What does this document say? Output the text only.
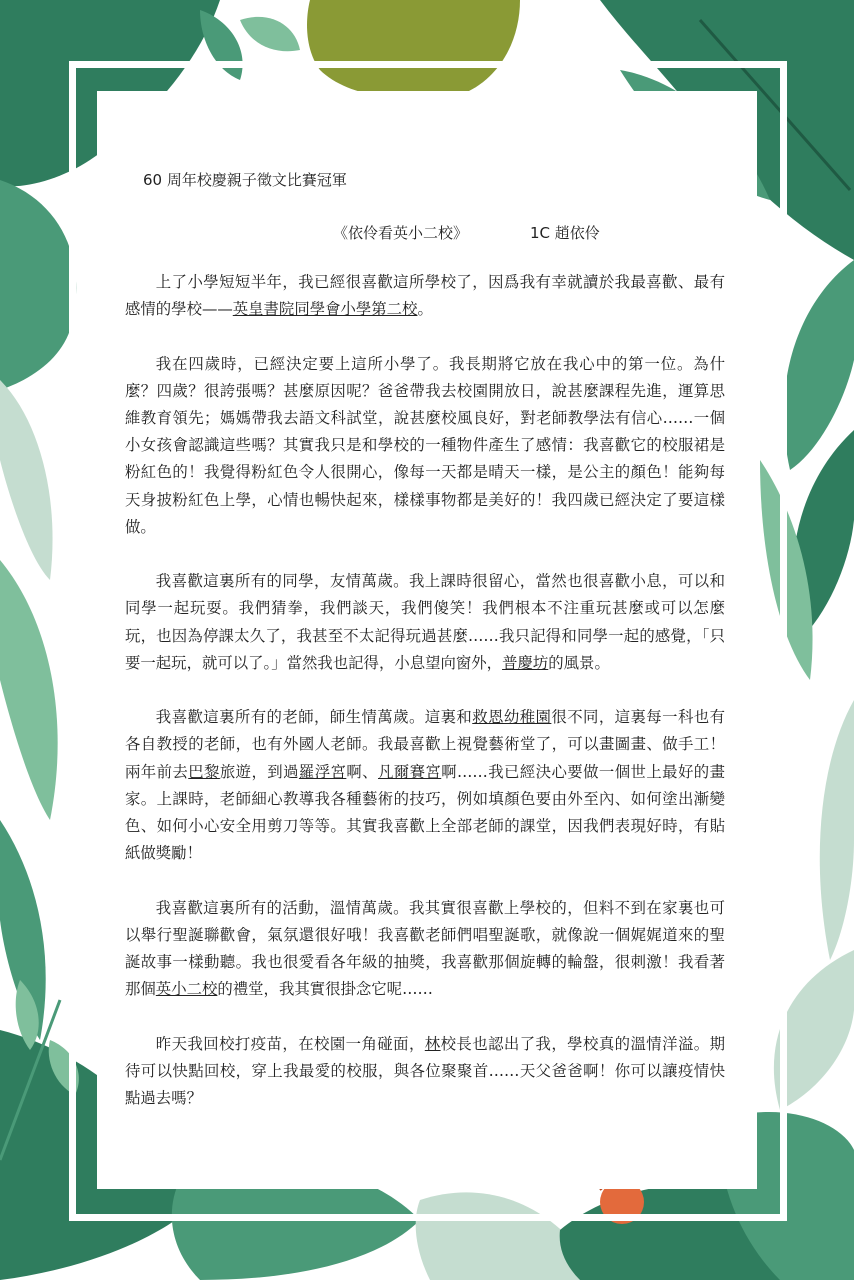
60 周年校慶親子徵文比賽冠軍
《依伶看英小二校》	1C 趙依伶

上了小學短短半年，我已經很喜歡這所學校了，因爲我有幸就讀於我最喜歡、最有感情的學校——英皇書院同學會小學第二校。

我在四歲時，已經決定要上這所小學了。我長期將它放在我心中的第一位。為什麼？四歲？很誇張嗎？甚麼原因呢？爸爸帶我去校園開放日，說甚麼課程先進，運算思維教育領先；媽媽帶我去語文科試堂，說甚麼校風良好，對老師教學法有信心……一個小女孩會認識這些嗎？其實我只是和學校的一種物件產生了感情：我喜歡它的校服裙是粉紅色的！我覺得粉紅色令人很開心，像每一天都是晴天一樣，是公主的顏色！能夠每天身披粉紅色上學，心情也暢快起來，樣樣事物都是美好的！我四歲已經決定了要這樣做。

我喜歡這裏所有的同學，友情萬歲。我上課時很留心，當然也很喜歡小息，可以和同學一起玩耍。我們猜拳，我們談天，我們傻笑！我們根本不注重玩甚麼或可以怎麼玩，也因為停課太久了，我甚至不太記得玩過甚麼……我只記得和同學一起的感覺，「只要一起玩，就可以了。」當然我也記得，小息望向窗外，普慶坊的風景。

我喜歡這裏所有的老師，師生情萬歲。這裏和救恩幼稚園很不同，這裏每一科也有各自教授的老師，也有外國人老師。我最喜歡上視覺藝術堂了，可以畫圖畫、做手工！兩年前去巴黎旅遊，到過羅浮宮啊、凡爾賽宮啊……我已經決心要做一個世上最好的畫家。上課時，老師細心教導我各種藝術的技巧，例如填顏色要由外至內、如何塗出漸變色、如何小心安全用剪刀等等。其實我喜歡上全部老師的課堂，因我們表現好時，有貼紙做獎勵！

我喜歡這裏所有的活動，溫情萬歲。我其實很喜歡上學校的，但料不到在家裏也可以舉行聖誕聯歡會，氣氛還很好哦！我喜歡老師們唱聖誕歌，就像說一個娓娓道來的聖誕故事一樣動聽。我也很愛看各年級的抽獎，我喜歡那個旋轉的輪盤，很刺激！我看著那個英小二校的禮堂，我其實很掛念它呢……

昨天我回校打疫苗，在校園一角碰面，林校長也認出了我，學校真的溫情洋溢。期待可以快點回校，穿上我最愛的校服，與各位聚聚首……天父爸爸啊！你可以讓疫情快點過去嗎？
